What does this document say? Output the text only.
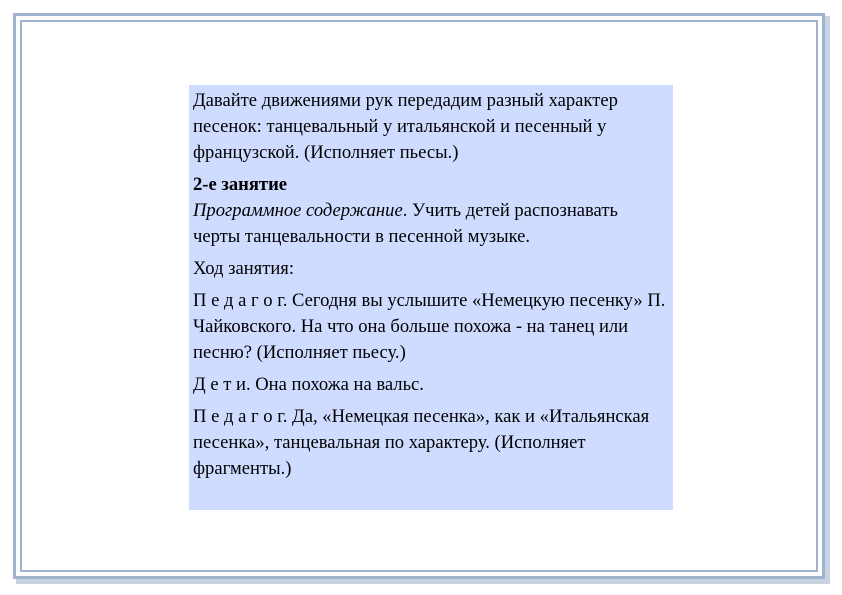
Давайте движениями рук передадим разный характер песенок: танцевальный у итальянской и песенный у французской. (Исполняет пьесы.)

2-е занятие

Программное содержание. Учить детей распознавать черты танцевальности в песенной музыке.

Ход занятия:

П е д а г о г. Сегодня вы услышите «Немецкую песенку» П. Чайковского. На что она больше похожа - на танец или песню? (Исполняет пьесу.)

Д е т и. Она похожа на вальс.

П е д а г о г. Да, «Немецкая песенка», как и «Итальянская песенка», танцевальная по характеру. (Исполняет фрагменты.)
